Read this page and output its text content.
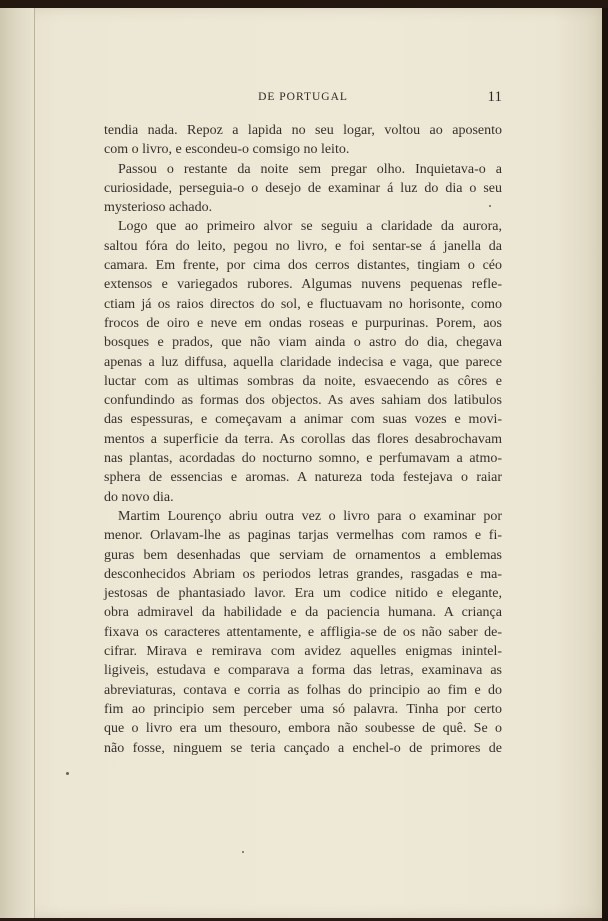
DE PORTUGAL	11
tendia nada. Repoz a lapida no seu logar, voltou ao aposento
com o livro, e escondeu-o comsigo no leito.
Passou o restante da noite sem pregar olho. Inquietava-o a
curiosidade, perseguia-o o desejo de examinar á luz do dia o seu
mysterioso achado.
Logo que ao primeiro alvor se seguiu a claridade da aurora,
saltou fóra do leito, pegou no livro, e foi sentar-se á janella da
camara. Em frente, por cima dos cerros distantes, tingiam o céo
extensos e variegados rubores. Algumas nuvens pequenas refle-
ctiam já os raios directos do sol, e fluctuavam no horisonte, como
frocos de oiro e neve em ondas roseas e purpurinas. Porem, aos
bosques e prados, que não viam ainda o astro do dia, chegava
apenas a luz diffusa, aquella claridade indecisa e vaga, que parece
luctar com as ultimas sombras da noite, esvaecendo as côres e
confundindo as formas dos objectos. As aves sahiam dos latibulos
das espessuras, e começavam a animar com suas vozes e movi-
mentos a superficie da terra. As corollas das flores desabrochavam
nas plantas, acordadas do nocturno somno, e perfumavam a atmo-
sphera de essencias e aromas. A natureza toda festejava o raiar
do novo dia.
Martim Lourenço abriu outra vez o livro para o examinar por
menor. Orlavam-lhe as paginas tarjas vermelhas com ramos e fi-
guras bem desenhadas que serviam de ornamentos a emblemas
desconhecidos Abriam os periodos letras grandes, rasgadas e ma-
jestosas de phantasiado lavor. Era um codice nitido e elegante,
obra admiravel da habilidade e da paciencia humana. A criança
fixava os caracteres attentamente, e affligia-se de os não saber de-
cifrar. Mirava e remirava com avidez aquelles enigmas inintel-
ligiveis, estudava e comparava a forma das letras, examinava as
abreviaturas, contava e corria as folhas do principio ao fim e do
fim ao principio sem perceber uma só palavra. Tinha por certo
que o livro era um thesouro, embora não soubesse de quê. Se o
não fosse, ninguem se teria cançado a enchel-o de primores de
